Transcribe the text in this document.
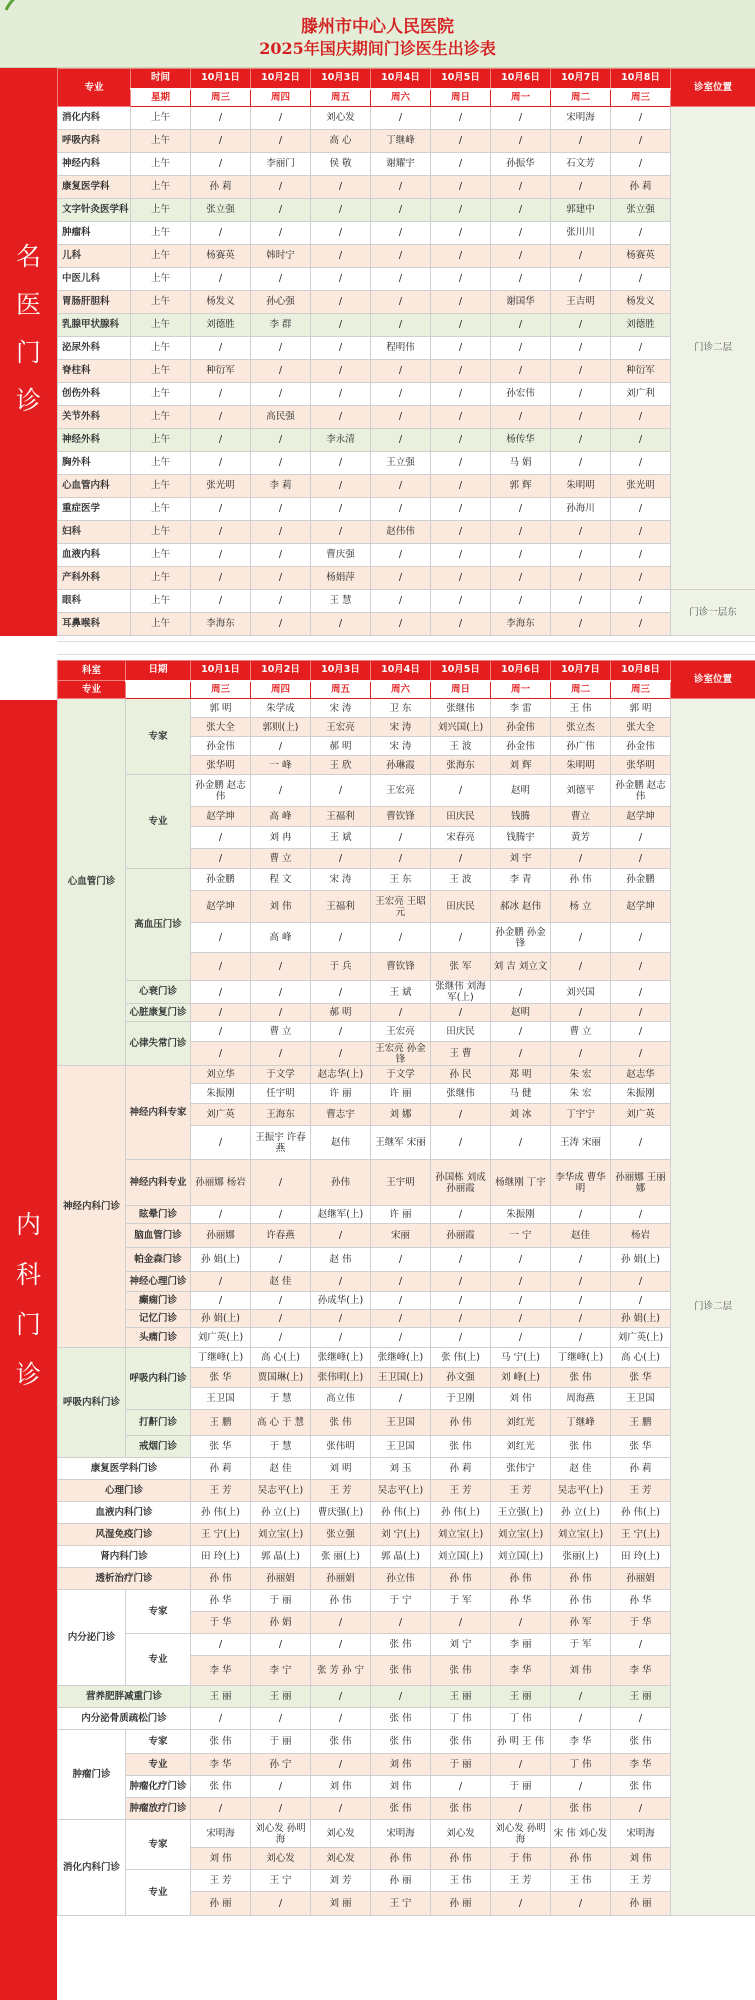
滕州市中心人民医院
2025年国庆期间门诊医生出诊表
名
医
门
诊
专业	时间	10月1日	10月2日	10月3日	10月4日	10月5日	10月6日	10月7日	10月8日	诊室位置
	星期	周三	周四	周五	周六	周日	周一	周二	周三	
消化内科	上午	/	/	刘心发	/	/	/	宋明海	/	门诊二层
呼吸内科	上午	/	/	高 心	丁继峰	/	/	/	/	
神经内科	上午	/	李丽门	侯 敬	谢耀宇	/	孙振华	石文芳	/	
康复医学科	上午	孙 莉	/	/	/	/	/	/	孙 莉	
文字针灸医学科	上午	张立强	/	/	/	/	/	郭建中	张立强	
肿瘤科	上午	/	/	/	/	/	/	张川川	/	
儿科	上午	杨赛英	韩时宁	/	/	/	/	/	杨赛英	
中医儿科	上午	/	/	/	/	/	/	/	/	
胃肠肝胆科	上午	杨发义	孙心强	/	/	/	谢国华	王吉明	杨发义	
乳腺甲状腺科	上午	刘德胜	李 群	/	/	/	/	/	刘德胜	
泌尿外科	上午	/	/	/	程明伟	/	/	/	/	
脊柱科	上午	种衍军	/	/	/	/	/	/	种衍军	
创伤外科	上午	/	/	/	/	/	孙宏伟	/	刘广利	
关节外科	上午	/	高民强	/	/	/	/	/	/	
神经外科	上午	/	/	李永清	/	/	杨传华	/	/	
胸外科	上午	/	/	/	王立强	/	马 娟	/	/	
心血管内科	上午	张光明	李 莉	/	/	/	郭 辉	朱明明	张光明	
重症医学	上午	/	/	/	/	/	/	孙海川	/	
妇科	上午	/	/	/	赵伟伟	/	/	/	/	
血液内科	上午	/	/	曹庆强	/	/	/	/	/	
产科外科	上午	/	/	杨娟萍	/	/	/	/	/	
眼科	上午	/	/	王 慧	/	/	/	/	/	门诊一层东
耳鼻喉科	上午	李海东	/	/	/	/	李海东	/	/	
内
科
门
诊
科室	日期	10月1日	10月2日	10月3日	10月4日	10月5日	10月6日	10月7日	10月8日	诊室位置	
专业		周三	周四	周五	周六	周日	周一	周二	周三		
心血管门诊	专家	郭 明	朱学成	宋 涛	卫 东	张继伟	李 雷	王 伟	郭 明	门诊二层	
		张大全	郭则(上)	王宏亮	宋 涛	刘兴国(上)	孙金伟	张立杰	张大全		
		孙金伟	/	郝 明	宋 涛	王 波	孙金伟	孙广伟	孙金伟		
		张华明	一 峰	王 欣	孙琳霞	张海东	刘 辉	朱明明	张华明		
	专业	孙金鹏 赵志伟	/	/	王宏亮	/	赵明	刘德平	孙金鹏 赵志伟		
		赵学坤	高 峰	王福利	曹钦锋	田庆民	钱腾	曹立	赵学坤		
		/	刘 冉	王 斌	/	宋春亮	钱腾宇	黄芳	/		
		/	曹 立	/	/	/	刘 宇	/	/		
	高血压门诊	孙金鹏	程 文	宋 涛	王 东	王 波	李 青	孙 伟	孙金鹏		
		赵学坤	刘 伟	王福利	王宏亮 王昭元	田庆民	郝冰 赵伟	杨 立	赵学坤		
		/	高 峰	/	/	/	孙金鹏 孙金锋	/	/		
		/	/	于 兵	曹钦锋	张 军	刘 吉 刘立文	/	/		
	心衰门诊	/	/	/	王 斌	张继伟 刘海军(上)	/	刘兴国	/		
	心脏康复门诊	/	/	郝 明	/	/	赵明	/	/		
	心律失常门诊	/	曹 立	/	王宏亮	田庆民	/	曹 立	/		
		/	/	/	王宏亮 孙金锋	王 曹	/	/	/		
神经内科门诊	神经内科专家	刘立华	于文学	赵志华(上)	于文学	孙 民	郑 明	朱 宏	赵志华		
		朱振刚	任宇明	许 丽	许 丽	张继伟	马 健	朱 宏	朱振刚		
		刘广英	王海东	曹志宇	刘 娜	/	刘 冰	丁宇宁	刘广英		
		/	王振宇 许春燕	赵伟	王继军 宋丽	/	/	王涛 宋丽	/		
	神经内科专业	孙丽娜 杨岩	/	孙伟	王宇明	孙国栋 刘成 孙丽霞	杨继刚 丁宇	李华成 曹华明	孙丽娜 王丽娜		
	眩晕门诊	/	/	赵继军(上)	许 丽	/	朱振刚	/	/		
	脑血管门诊	孙丽娜	许春燕	/	宋丽	孙丽霞	一 宁	赵佳	杨岩		
	帕金森门诊	孙 娟(上)	/	赵 伟	/	/	/	/	孙 娟(上)		
	神经心理门诊	/	赵 佳	/	/	/	/	/	/		
	癫痫门诊	/	/	孙成华(上)	/	/	/	/	/		
	记忆门诊	孙 娟(上)	/	/	/	/	/	/	孙 娟(上)		
	头痛门诊	刘广英(上)	/	/	/	/	/	/	刘广英(上)		
呼吸内科门诊	呼吸内科门诊	丁继峰(上)	高 心(上)	张继峰(上)	张继峰(上)	张 伟(上)	马 宁(上)	丁继峰(上)	高 心(上)		
		张 华	贾国琳(上)	张伟明(上)	王卫国(上)	孙文强	刘 峰(上)	张 伟	张 华		
		王卫国	于 慧	高立伟	/	于卫刚	刘 伟	周海燕	王卫国		
	打鼾门诊	王 鹏	高 心 于 慧	张 伟	王卫国	孙 伟	刘红光	丁继峰	王 鹏		
	戒烟门诊	张 华	于 慧	张伟明	王卫国	张 伟	刘红光	张 伟	张 华		
康复医学科门诊		孙 莉	赵 佳	刘 明	刘 玉	孙 莉	张伟宁	赵 佳	孙 莉		
心理门诊		王 芳	吴志平(上)	王 芳	吴志平(上)	王 芳	王 芳	吴志平(上)	王 芳		
血液内科门诊		孙 伟(上)	孙 立(上)	曹庆强(上)	孙 伟(上)	孙 伟(上)	王立强(上)	孙 立(上)	孙 伟(上)		
风湿免疫门诊		王 宁(上)	刘立宝(上)	张立强	刘 宁(上)	刘立宝(上)	刘立宝(上)	刘立宝(上)	王 宁(上)		
肾内科门诊		田 玲(上)	郭 晶(上)	张 丽(上)	郭 晶(上)	刘立国(上)	刘立国(上)	张丽(上)	田 玲(上)		
透析治疗门诊		孙 伟	孙丽娟	孙丽娟	孙立伟	孙 伟	孙 伟	孙 伟	孙丽娟		
内分泌门诊	专家	孙 华	于 丽	孙 伟	于 宁	于 军	孙 华	孙 伟	孙 华		
		于 华	孙 娟	/	/	/	/	孙 军	于 华		
	专业	/	/	/	张 伟	刘 宁	李 丽	于 军	/		
		李 华	李 宁	张 芳 孙 宁	张 伟	张 伟	李 华	刘 伟	李 华		
营养肥胖减重门诊		王 丽	王 丽	/	/	王 丽	王 丽	/	王 丽		
内分泌骨质疏松门诊		/	/	/	张 伟	丁 伟	丁 伟	/	/		
肿瘤门诊	专家	张 伟	于 丽	张 伟	张 伟	张 伟	孙 明 王 伟	李 华	张 伟		
	专业	李 华	孙 宁	/	刘 伟	于 丽	/	丁 伟	李 华		
	肿瘤化疗门诊	张 伟	/	刘 伟	刘 伟	/	于 丽	/	张 伟		
	肿瘤放疗门诊	/	/	/	张 伟	张 伟	/	张 伟	/		
消化内科门诊	专家	宋明海	刘心发 孙明海	刘心发	宋明海	刘心发	刘心发 孙明海	宋 伟 刘心发	宋明海	
		刘 伟	刘心发	刘心发	孙 伟	孙 伟	于 伟	孙 伟	刘 伟		
	专业	王 芳	王 宁	刘 芳	孙 丽	王 伟	王 芳	王 伟	王 芳		
		孙 丽	/	刘 丽	王 宁	孙 丽	/	/	孙 丽		
